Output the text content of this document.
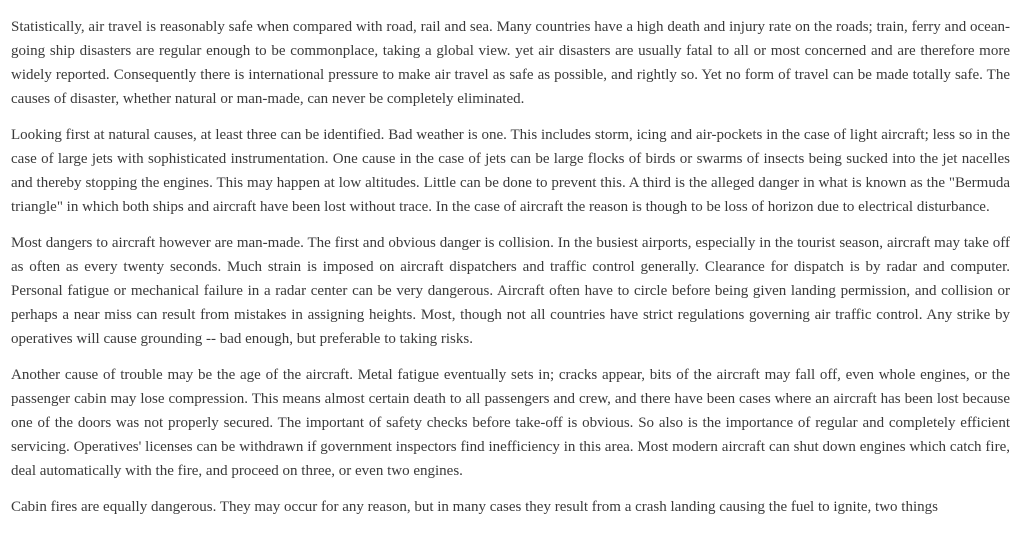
Statistically, air travel is reasonably safe when compared with road, rail and sea. Many countries have a high death and injury rate on the roads; train, ferry and ocean-going ship disasters are regular enough to be commonplace, taking a global view. yet air disasters are usually fatal to all or most concerned and are therefore more widely reported. Consequently there is international pressure to make air travel as safe as possible, and rightly so. Yet no form of travel can be made totally safe. The causes of disaster, whether natural or man-made, can never be completely eliminated.

Looking first at natural causes, at least three can be identified. Bad weather is one. This includes storm, icing and air-pockets in the case of light aircraft; less so in the case of large jets with sophisticated instrumentation. One cause in the case of jets can be large flocks of birds or swarms of insects being sucked into the jet nacelles and thereby stopping the engines. This may happen at low altitudes. Little can be done to prevent this. A third is the alleged danger in what is known as the "Bermuda triangle" in which both ships and aircraft have been lost without trace. In the case of aircraft the reason is though to be loss of horizon due to electrical disturbance.

Most dangers to aircraft however are man-made. The first and obvious danger is collision. In the busiest airports, especially in the tourist season, aircraft may take off as often as every twenty seconds. Much strain is imposed on aircraft dispatchers and traffic control generally. Clearance for dispatch is by radar and computer. Personal fatigue or mechanical failure in a radar center can be very dangerous. Aircraft often have to circle before being given landing permission, and collision or perhaps a near miss can result from mistakes in assigning heights. Most, though not all countries have strict regulations governing air traffic control. Any strike by operatives will cause grounding -- bad enough, but preferable to taking risks.

Another cause of trouble may be the age of the aircraft. Metal fatigue eventually sets in; cracks appear, bits of the aircraft may fall off, even whole engines, or the passenger cabin may lose compression. This means almost certain death to all passengers and crew, and there have been cases where an aircraft has been lost because one of the doors was not properly secured. The important of safety checks before take-off is obvious. So also is the importance of regular and completely efficient servicing. Operatives' licenses can be withdrawn if government inspectors find inefficiency in this area. Most modern aircraft can shut down engines which catch fire, deal automatically with the fire, and proceed on three, or even two engines.

Cabin fires are equally dangerous. They may occur for any reason, but in many cases they result from a crash landing causing the fuel to ignite, two things
